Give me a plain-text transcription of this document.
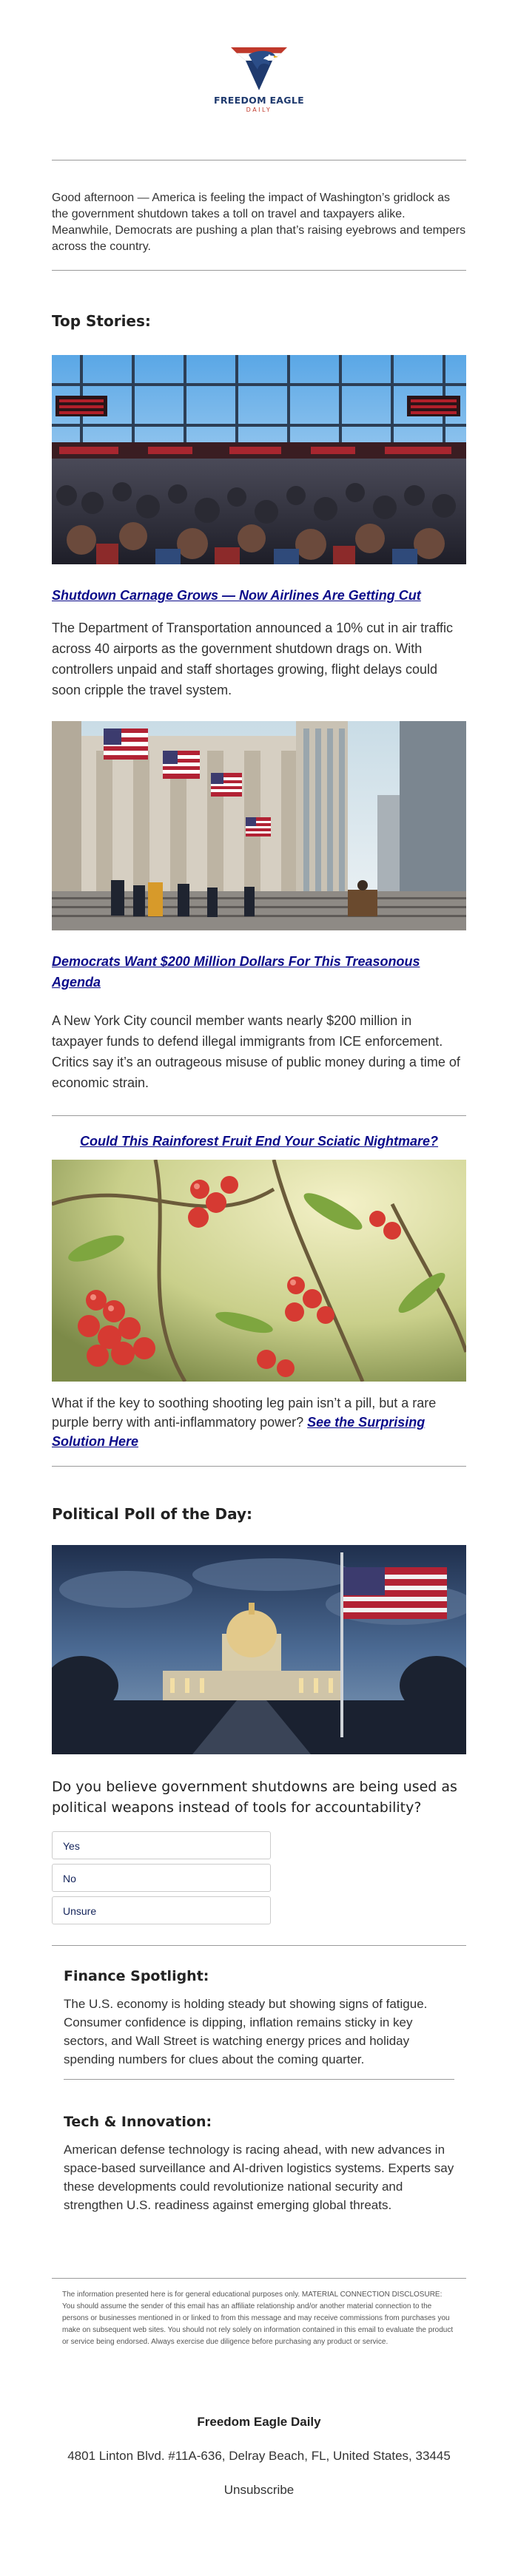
FREEDOM EAGLE
DAILY

Good afternoon — America is feeling the impact of Washington’s gridlock as the government shutdown takes a toll on travel and taxpayers alike. Meanwhile, Democrats are pushing a plan that’s raising eyebrows and tempers across the country.

Top Stories:
Shutdown Carnage Grows — Now Airlines Are Getting Cut

The Department of Transportation announced a 10% cut in air traffic across 40 airports as the government shutdown drags on. With controllers unpaid and staff shortages growing, flight delays could soon cripple the travel system.

Democrats Want $200 Million Dollars For This Treasonous Agenda

A New York City council member wants nearly $200 million in taxpayer funds to defend illegal immigrants from ICE enforcement. Critics say it’s an outrageous misuse of public money during a time of economic strain.

Could This Rainforest Fruit End Your Sciatic Nightmare?

What if the key to soothing shooting leg pain isn’t a pill, but a rare purple berry with anti-inflammatory power? See the Surprising Solution Here

Political Poll of the Day:

Do you believe government shutdowns are being used as political weapons instead of tools for accountability?

Yes
No
Unsure
Finance Spotlight:

The U.S. economy is holding steady but showing signs of fatigue. Consumer confidence is dipping, inflation remains sticky in key sectors, and Wall Street is watching energy prices and holiday spending numbers for clues about the coming quarter.

Tech & Innovation:

American defense technology is racing ahead, with new advances in space-based surveillance and AI-driven logistics systems. Experts say these developments could revolutionize national security and strengthen U.S. readiness against emerging global threats.

The information presented here is for general educational purposes only. MATERIAL CONNECTION DISCLOSURE: You should assume the sender of this email has an affiliate relationship and/or another material connection to the persons or businesses mentioned in or linked to from this message and may receive commissions from purchases you make on subsequent web sites. You should not rely solely on information contained in this email to evaluate the product or service being endorsed. Always exercise due diligence before purchasing any product or service.

Freedom Eagle Daily

4801 Linton Blvd. #11A-636, Delray Beach, FL, United States, 33445

Unsubscribe
